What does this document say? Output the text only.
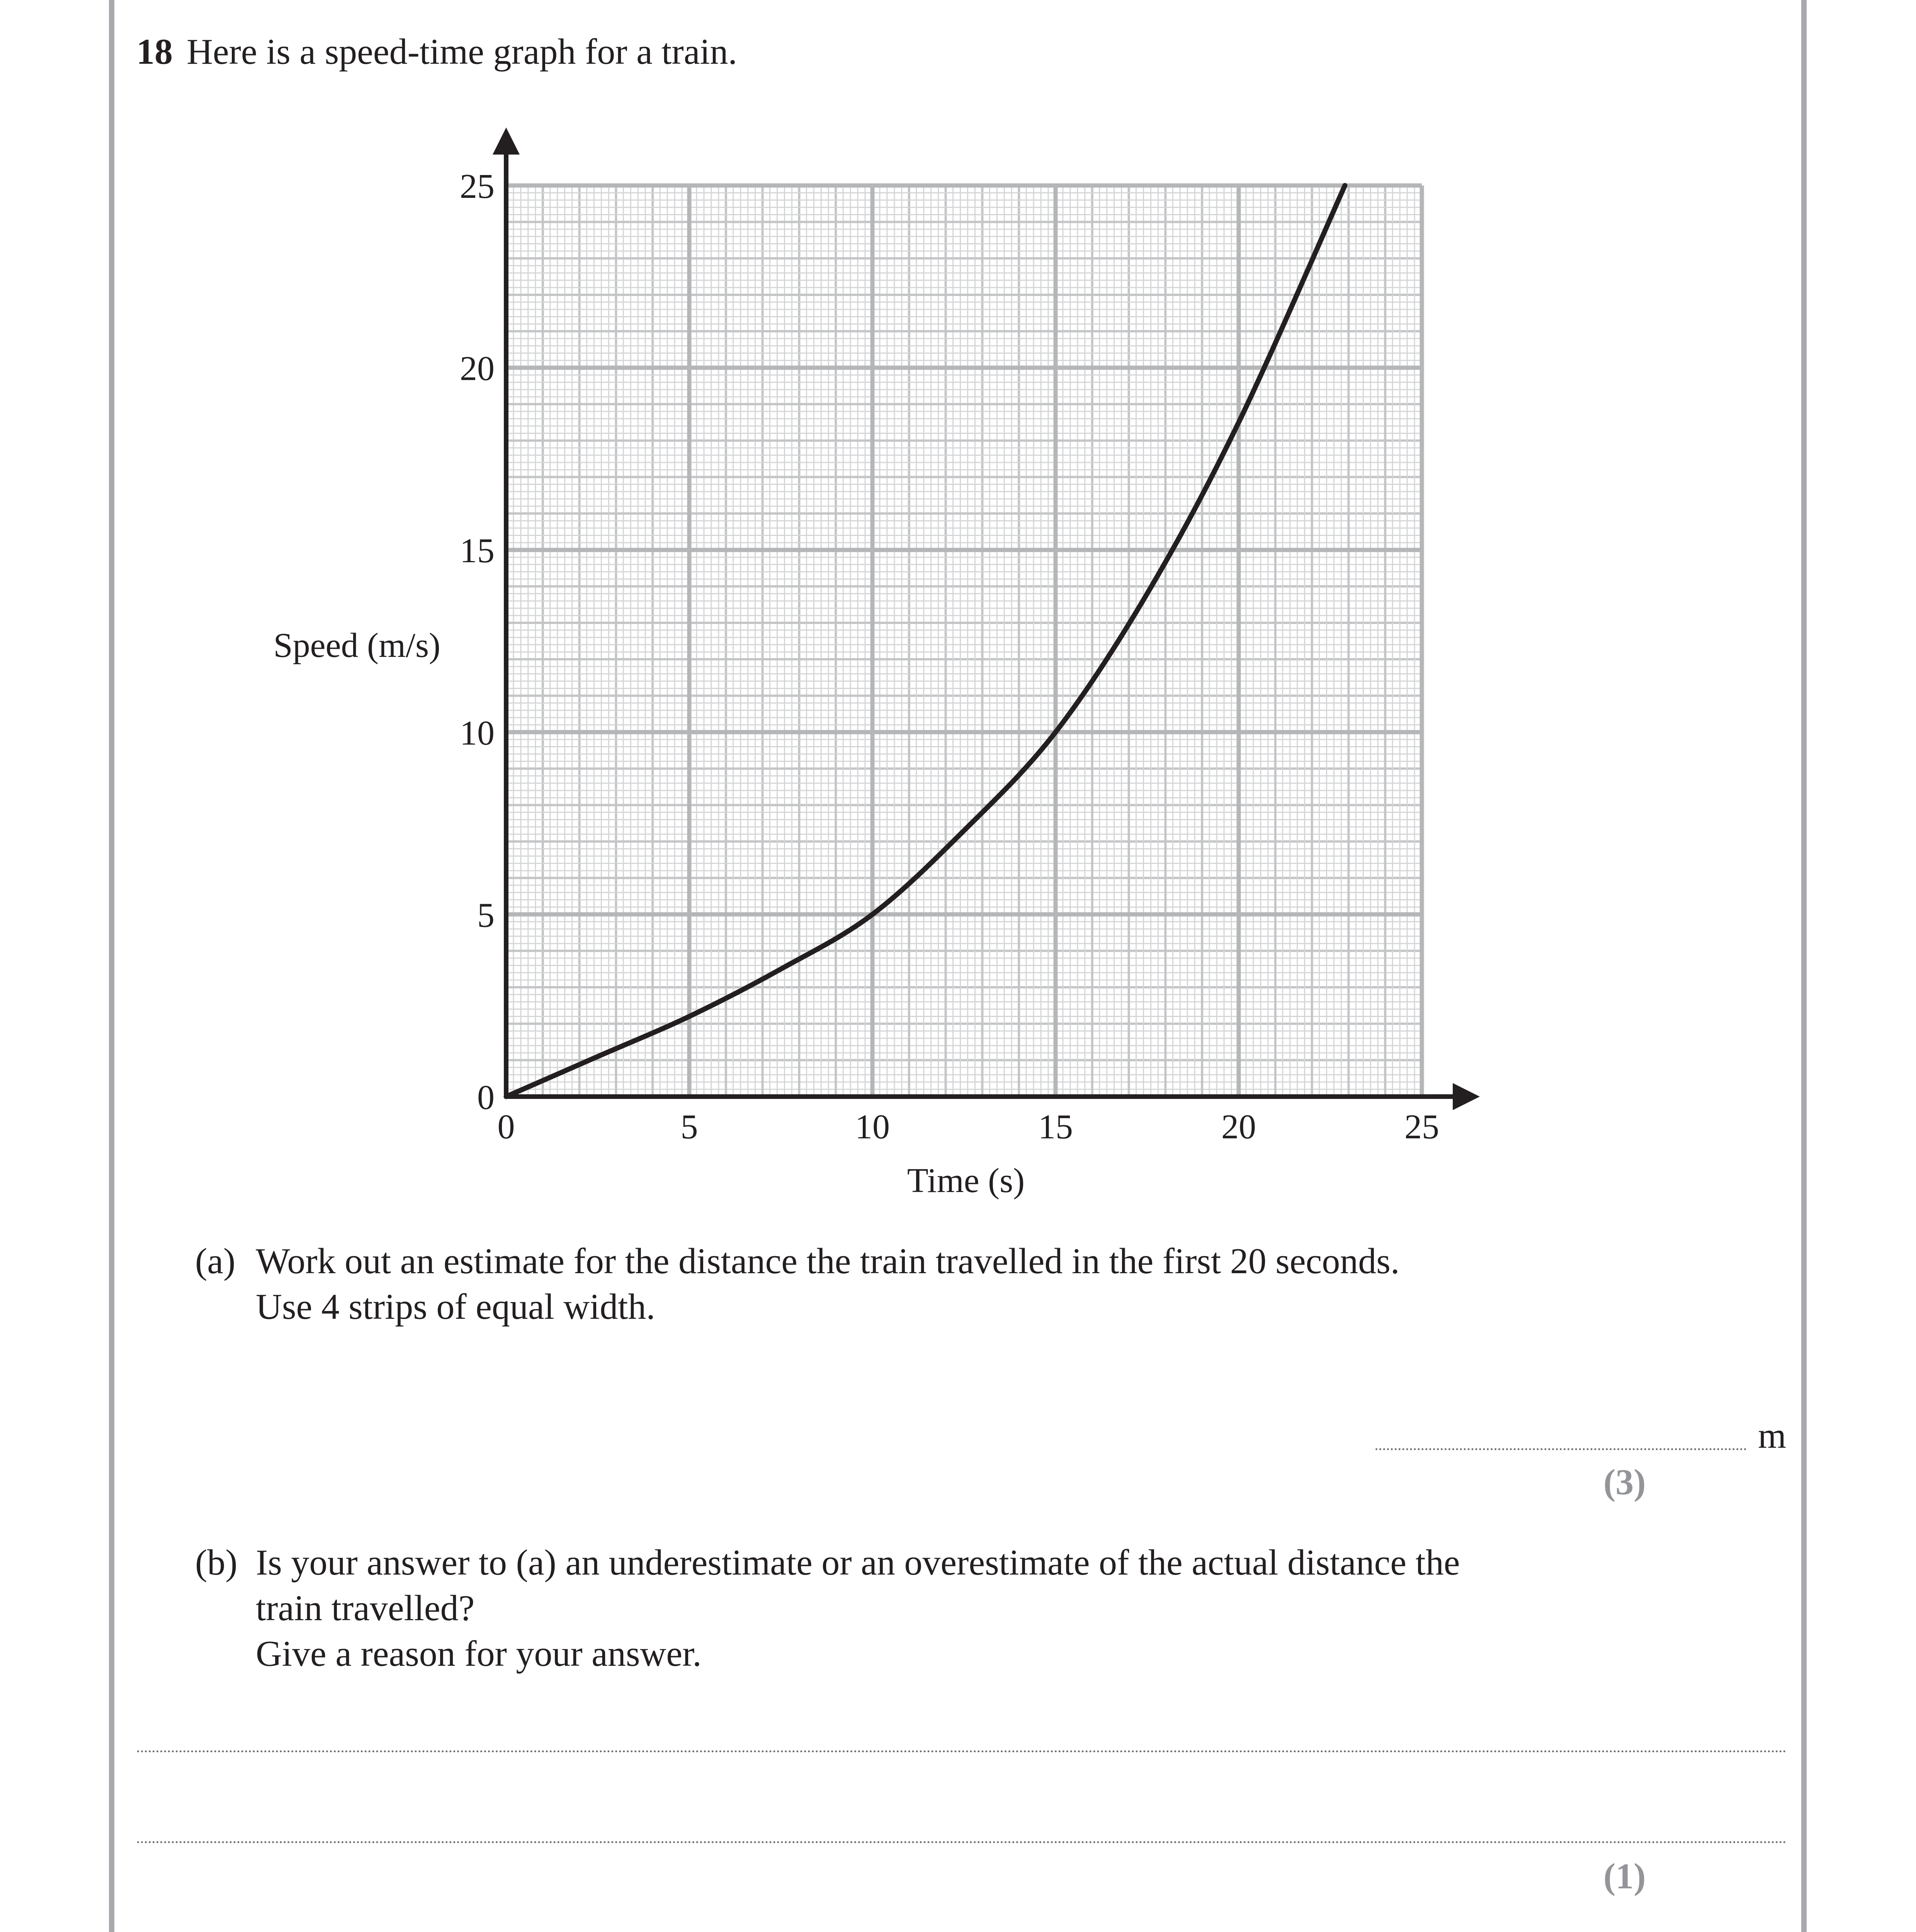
18 Here is a speed-time graph for a train.
0	5	10	15	20	25
0
5
10
15
20
25
Speed (m/s)
Time (s)
(a) Work out an estimate for the distance the train travelled in the first 20 seconds.
Use 4 strips of equal width.
m
(3)
(b) Is your answer to (a) an underestimate or an overestimate of the actual distance the
train travelled?
Give a reason for your answer.
(1)
